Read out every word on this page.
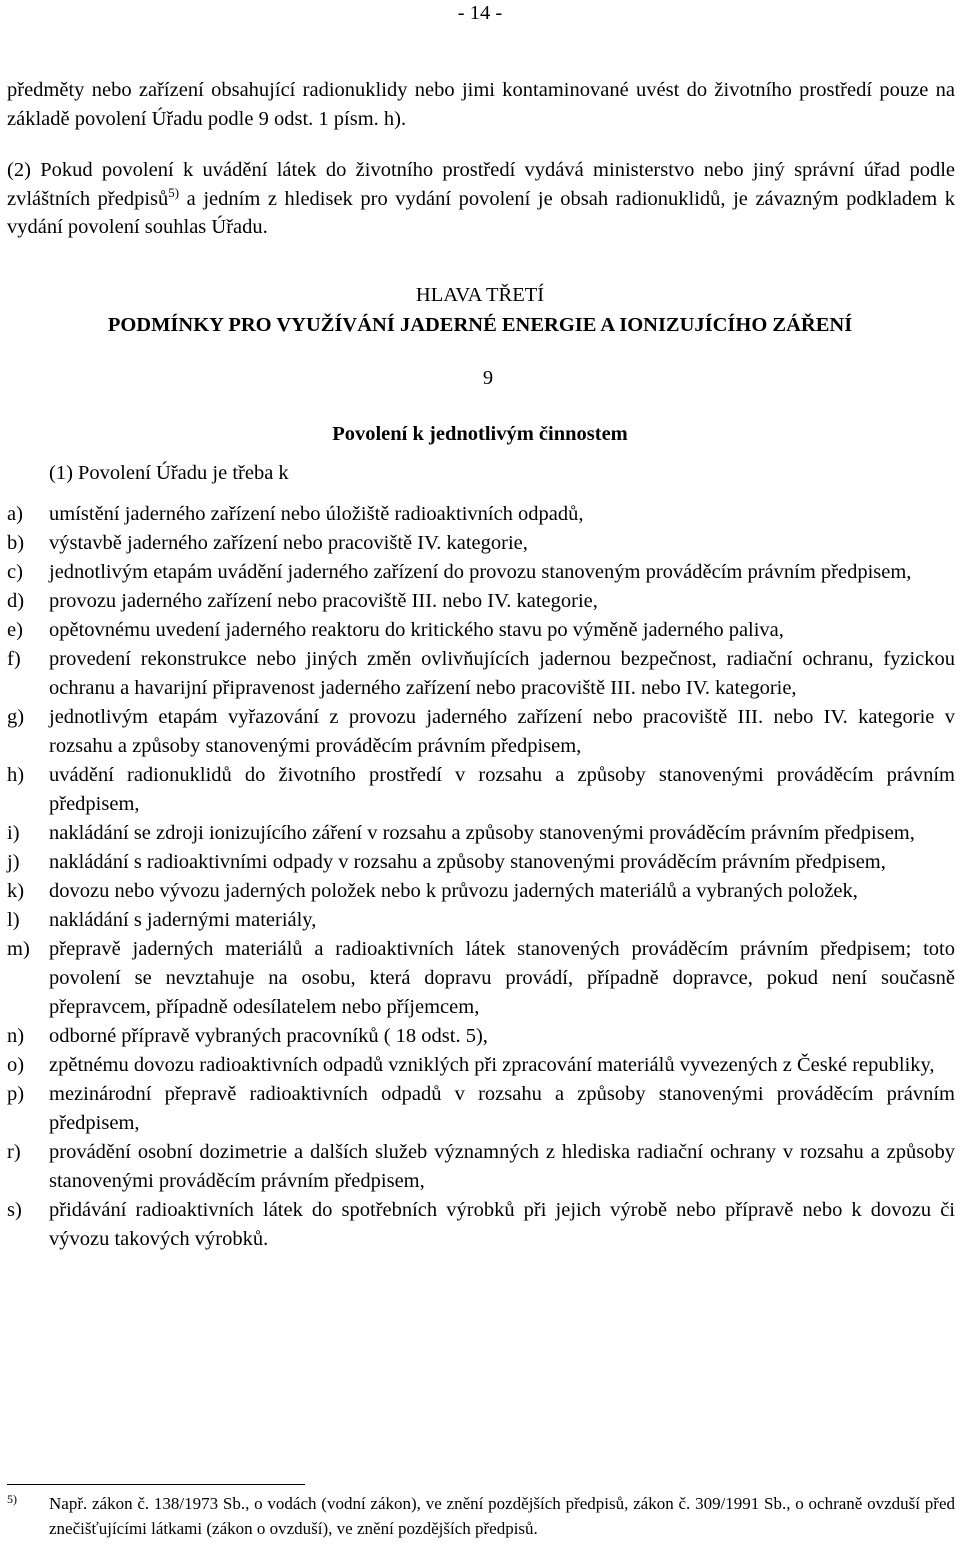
- 14 -

předměty nebo zařízení obsahující radionuklidy nebo jimi kontaminované uvést do životního prostředí pouze na základě povolení Úřadu podle 9 odst. 1 písm. h).

(2) Pokud povolení k uvádění látek do životního prostředí vydává ministerstvo nebo jiný správní úřad podle zvláštních předpisů$^{5)}$ a jedním z hledisek pro vydání povolení je obsah radionuklidů, je závazným podkladem k vydání povolení souhlas Úřadu.

HLAVA TŘETÍ
PODMÍNKY PRO VYUŽÍVÁNÍ JADERNÉ ENERGIE A IONIZUJÍCÍHO ZÁŘENÍ
9
Povolení k jednotlivým činnostem

(1) Povolení Úřadu je třeba k

a) umístění jaderného zařízení nebo úložiště radioaktivních odpadů,
b) výstavbě jaderného zařízení nebo pracoviště IV. kategorie,
c) jednotlivým etapám uvádění jaderného zařízení do provozu stanoveným prováděcím právním předpisem,
d) provozu jaderného zařízení nebo pracoviště III. nebo IV. kategorie,
e) opětovnému uvedení jaderného reaktoru do kritického stavu po výměně jaderného paliva,
f) provedení rekonstrukce nebo jiných změn ovlivňujících jadernou bezpečnost, radiační ochranu, fyzickou ochranu a havarijní připravenost jaderného zařízení nebo pracoviště III. nebo IV. kategorie,
g) jednotlivým etapám vyřazování z provozu jaderného zařízení nebo pracoviště III. nebo IV. kategorie v rozsahu a způsoby stanovenými prováděcím právním předpisem,
h) uvádění radionuklidů do životního prostředí v rozsahu a způsoby stanovenými prováděcím právním předpisem,
i) nakládání se zdroji ionizujícího záření v rozsahu a způsoby stanovenými prováděcím právním předpisem,
j) nakládání s radioaktivními odpady v rozsahu a způsoby stanovenými prováděcím právním předpisem,
k) dovozu nebo vývozu jaderných položek nebo k průvozu jaderných materiálů a vybraných položek,
l) nakládání s jadernými materiály,
m) přepravě jaderných materiálů a radioaktivních látek stanovených prováděcím právním předpisem; toto povolení se nevztahuje na osobu, která dopravu provádí, případně dopravce, pokud není současně přepravcem, případně odesílatelem nebo příjemcem,
n) odborné přípravě vybraných pracovníků ( 18 odst. 5),
o) zpětnému dovozu radioaktivních odpadů vzniklých při zpracování materiálů vyvezených z České republiky,
p) mezinárodní přepravě radioaktivních odpadů v rozsahu a způsoby stanovenými prováděcím právním předpisem,
r) provádění osobní dozimetrie a dalších služeb významných z hlediska radiační ochrany v rozsahu a způsoby stanovenými prováděcím právním předpisem,
s) přidávání radioaktivních látek do spotřebních výrobků při jejich výrobě nebo přípravě nebo k dovozu či vývozu takových výrobků.

5)	Např. zákon č. 138/1973 Sb., o vodách (vodní zákon), ve znění pozdějších předpisů, zákon č. 309/1991 Sb., o ochraně ovzduší před znečišťujícími látkami (zákon o ovzduší), ve znění pozdějších předpisů.
